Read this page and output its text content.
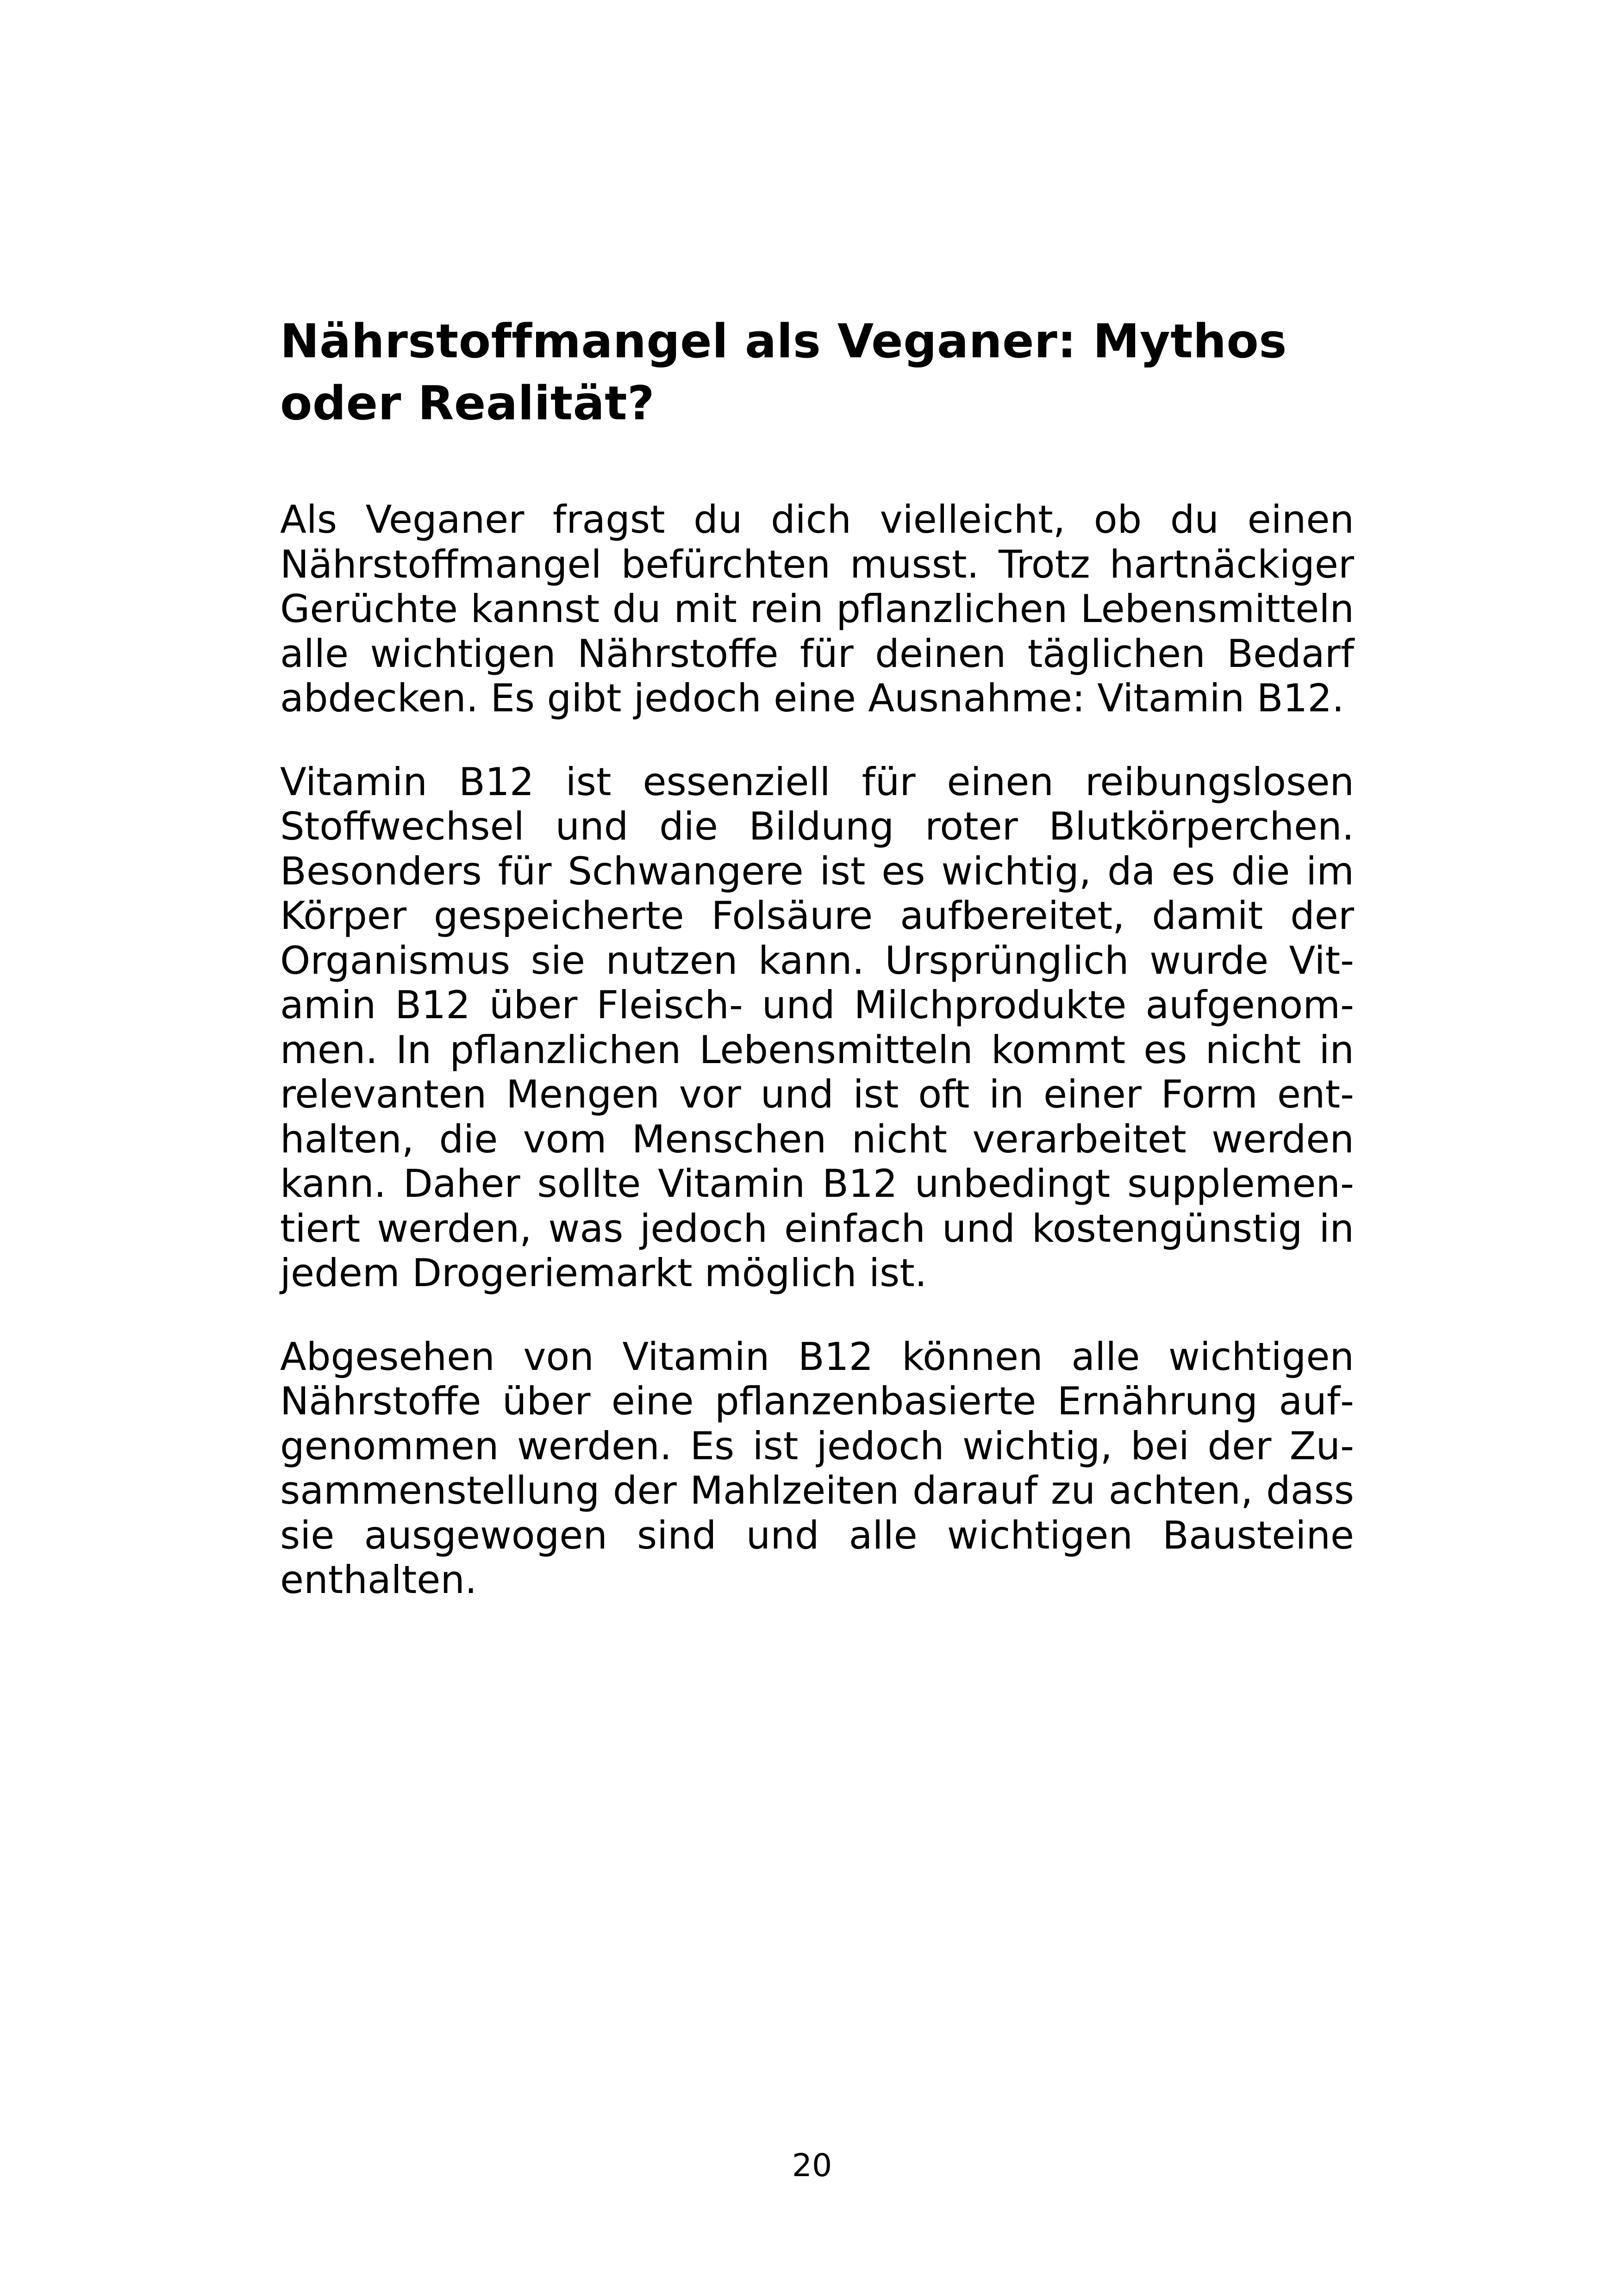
Nährstoffmangel als Veganer: Mythos oder Realität?

Als Veganer fragst du dich vielleicht, ob du einen Nährstoffmangel befürchten musst. Trotz hartnäckiger Gerüchte kannst du mit rein pflanzlichen Lebensmitteln alle wichtigen Nährstoffe für deinen täglichen Bedarf abdecken. Es gibt jedoch eine Ausnahme: Vitamin B12.

Vitamin B12 ist essenziell für einen reibungslosen Stoffwechsel und die Bildung roter Blutkörperchen. Besonders für Schwangere ist es wichtig, da es die im Körper gespeicherte Folsäure aufbereitet, damit der Organismus sie nutzen kann. Ursprünglich wurde Vitamin B12 über Fleisch- und Milchprodukte aufgenommen. In pflanzlichen Lebensmitteln kommt es nicht in relevanten Mengen vor und ist oft in einer Form enthalten, die vom Menschen nicht verarbeitet werden kann. Daher sollte Vitamin B12 unbedingt supplementiert werden, was jedoch einfach und kostengünstig in jedem Drogeriemarkt möglich ist.

Abgesehen von Vitamin B12 können alle wichtigen Nährstoffe über eine pflanzenbasierte Ernährung aufgenommen werden. Es ist jedoch wichtig, bei der Zusammenstellung der Mahlzeiten darauf zu achten, dass sie ausgewogen sind und alle wichtigen Bausteine enthalten.

20
